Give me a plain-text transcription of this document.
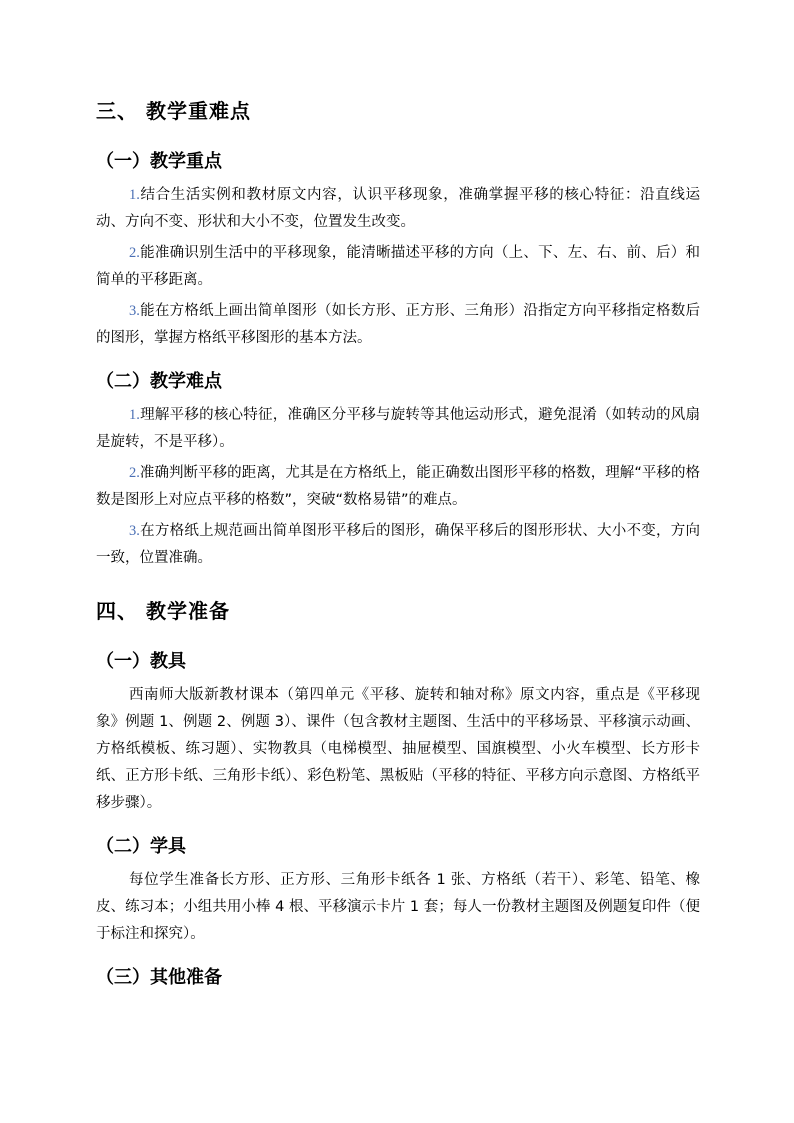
三、 教学重难点
（一）教学重点

1.结合生活实例和教材原文内容，认识平移现象，准确掌握平移的核心特征：沿直线运动、方向不变、形状和大小不变，位置发生改变。

2.能准确识别生活中的平移现象，能清晰描述平移的方向（上、下、左、右、前、后）和简单的平移距离。

3.能在方格纸上画出简单图形（如长方形、正方形、三角形）沿指定方向平移指定格数后的图形，掌握方格纸平移图形的基本方法。

（二）教学难点

1.理解平移的核心特征，准确区分平移与旋转等其他运动形式，避免混淆（如转动的风扇是旋转，不是平移）。

2.准确判断平移的距离，尤其是在方格纸上，能正确数出图形平移的格数，理解“平移的格数是图形上对应点平移的格数”，突破“数格易错”的难点。

3.在方格纸上规范画出简单图形平移后的图形，确保平移后的图形形状、大小不变，方向一致，位置准确。

四、 教学准备
（一）教具

西南师大版新教材课本（第四单元《平移、旋转和轴对称》原文内容，重点是《平移现象》例题 1、例题 2、例题 3）、课件（包含教材主题图、生活中的平移场景、平移演示动画、方格纸模板、练习题）、实物教具（电梯模型、抽屉模型、国旗模型、小火车模型、长方形卡纸、正方形卡纸、三角形卡纸）、彩色粉笔、黑板贴（平移的特征、平移方向示意图、方格纸平移步骤）。

（二）学具

每位学生准备长方形、正方形、三角形卡纸各 1 张、方格纸（若干）、彩笔、铅笔、橡皮、练习本；小组共用小棒 4 根、平移演示卡片 1 套；每人一份教材主题图及例题复印件（便于标注和探究）。

（三）其他准备
